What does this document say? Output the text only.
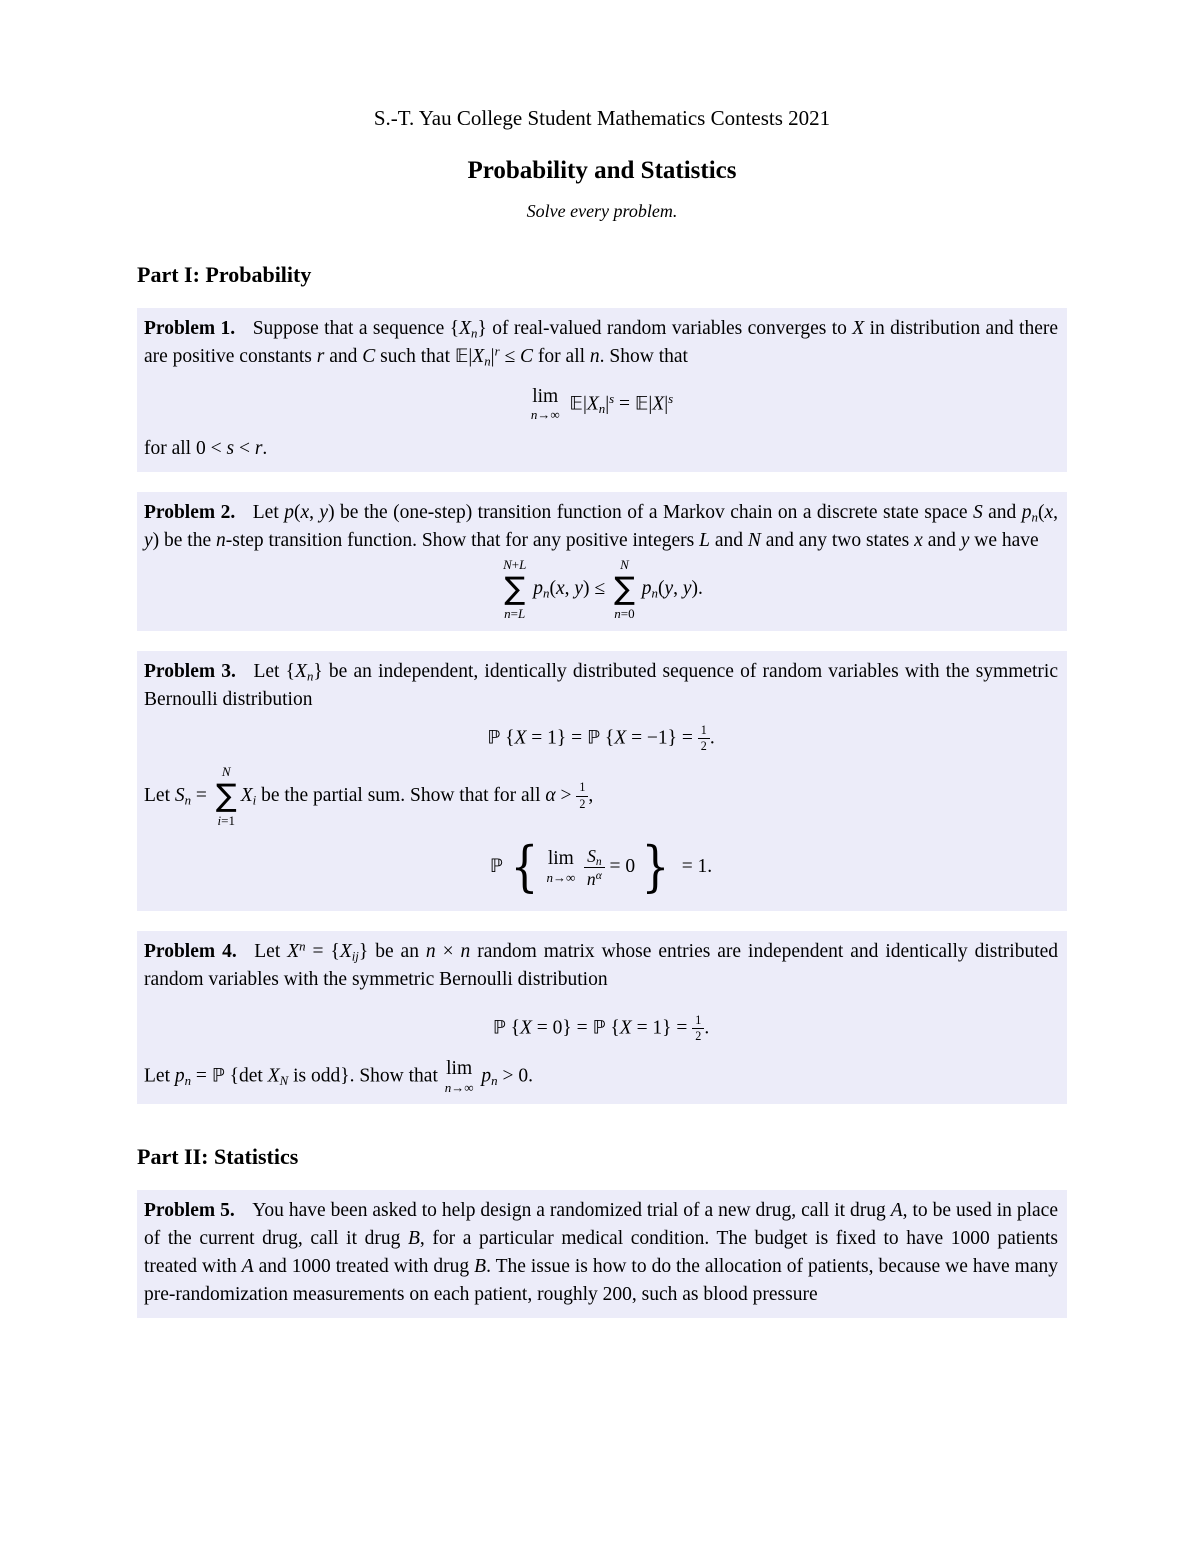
S.-T. Yau College Student Mathematics Contests 2021
Probability and Statistics
Solve every problem.
Part I: Probability
Problem 1. Suppose that a sequence {Xn} of real-valued random variables converges to X in distribution and there are positive constants r and C such that $𝔼|Xn|^r \le C$ for all n. Show that
lim
n→∞
$𝔼|Xn|^s$ = $𝔼|X|^s$
for all 0 < s < r.
Problem 2. Let p(x, y) be the (one-step) transition function of a Markov chain on a discrete state space S and pn(x, y) be the n-step transition function. Show that for any positive integers L and N and any two states x and y we have
N+L
∑
n=L
pn(x, y) ≤
N
∑
n=0
pn(y, y).
Problem 3. Let {Xn} be an independent, identically distributed sequence of random variables with the symmetric Bernoulli distribution
ℙ {X = 1} = ℙ $\{X = -1\} = \frac{1}{2}$ .
Let Sn =
N
∑
i=1
Xi be the partial sum. Show that for all $\alpha > \frac{1}{2}$ ,
ℙ { lim
$n\to\infty \frac{Sn}{n^\alpha} = 0$ } = 1.
Problem 4. Let $X^n = \{Xij\}$ be an n × n random matrix whose entries are independent and identically distributed random variables with the symmetric Bernoulli distribution
ℙ {X = 0} = ℙ $\{X = 1\} = \frac{1}{2}$ .
Let pn = ℙ {det XN is odd}. Show that lim
n→∞
pn > 0.
Part II: Statistics
Problem 5. You have been asked to help design a randomized trial of a new drug, call it drug A, to be used in place of the current drug, call it drug B, for a particular medical condition. The budget is fixed to have 1000 patients treated with A and 1000 treated with drug B. The issue is how to do the allocation of patients, because we have many pre-randomization measurements on each patient, roughly 200, such as blood pressure
